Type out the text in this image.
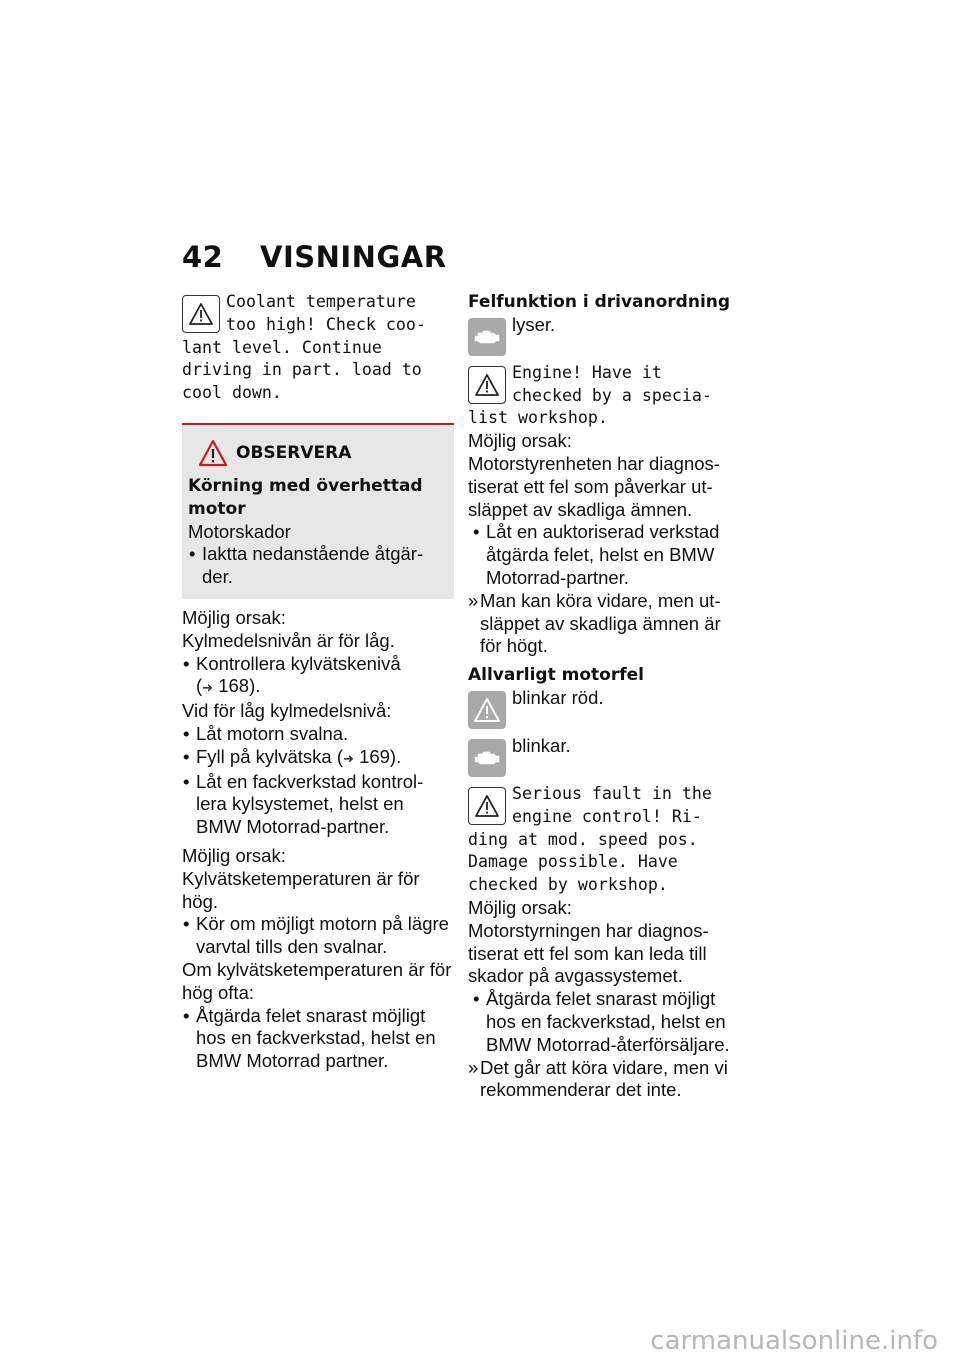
42 VISNINGAR
Coolant temperature
too high! Check coo-lant level. Continue driving in part. load to cool down.
OBSERVERA
Körning med överhettad motor
Motorskador
• Iaktta nedanstående åtgär-der.
Möjlig orsak:
Kylmedelsnivån är för låg.
• Kontrollera kylvätskenivå
(➜ 168).
Vid för låg kylmedelsnivå:
• Låt motorn svalna.
• Fyll på kylvätska (➜ 169).
• Låt en fackverkstad kontrol-lera kylsystemet, helst en BMW Motorrad-partner.
Möjlig orsak:
Kylvätsketemperaturen är för hög.
• Kör om möjligt motorn på lägre varvtal tills den svalnar.
Om kylvätsketemperaturen är för hög ofta:
• Åtgärda felet snarast möjligt hos en fackverkstad, helst en BMW Motorrad partner.
Felfunktion i drivanordning
lyser.
Engine! Have it
checked by a specia-list workshop.
Möjlig orsak:
Motorstyrenheten har diagnos-tiserat ett fel som påverkar ut-släppet av skadliga ämnen.
• Låt en auktoriserad verkstad åtgärda felet, helst en BMW Motorrad-partner.
» Man kan köra vidare, men ut-släppet av skadliga ämnen är för högt.
Allvarligt motorfel
blinkar röd.
blinkar.
Serious fault in the
engine control! Ri-ding at mod. speed pos. Damage possible. Have checked by workshop.
Möjlig orsak:
Motorstyrningen har diagnos-tiserat ett fel som kan leda till skador på avgassystemet.
• Åtgärda felet snarast möjligt hos en fackverkstad, helst en BMW Motorrad-återförsäljare.
» Det går att köra vidare, men vi rekommenderar det inte.
carmanualsonline.info
